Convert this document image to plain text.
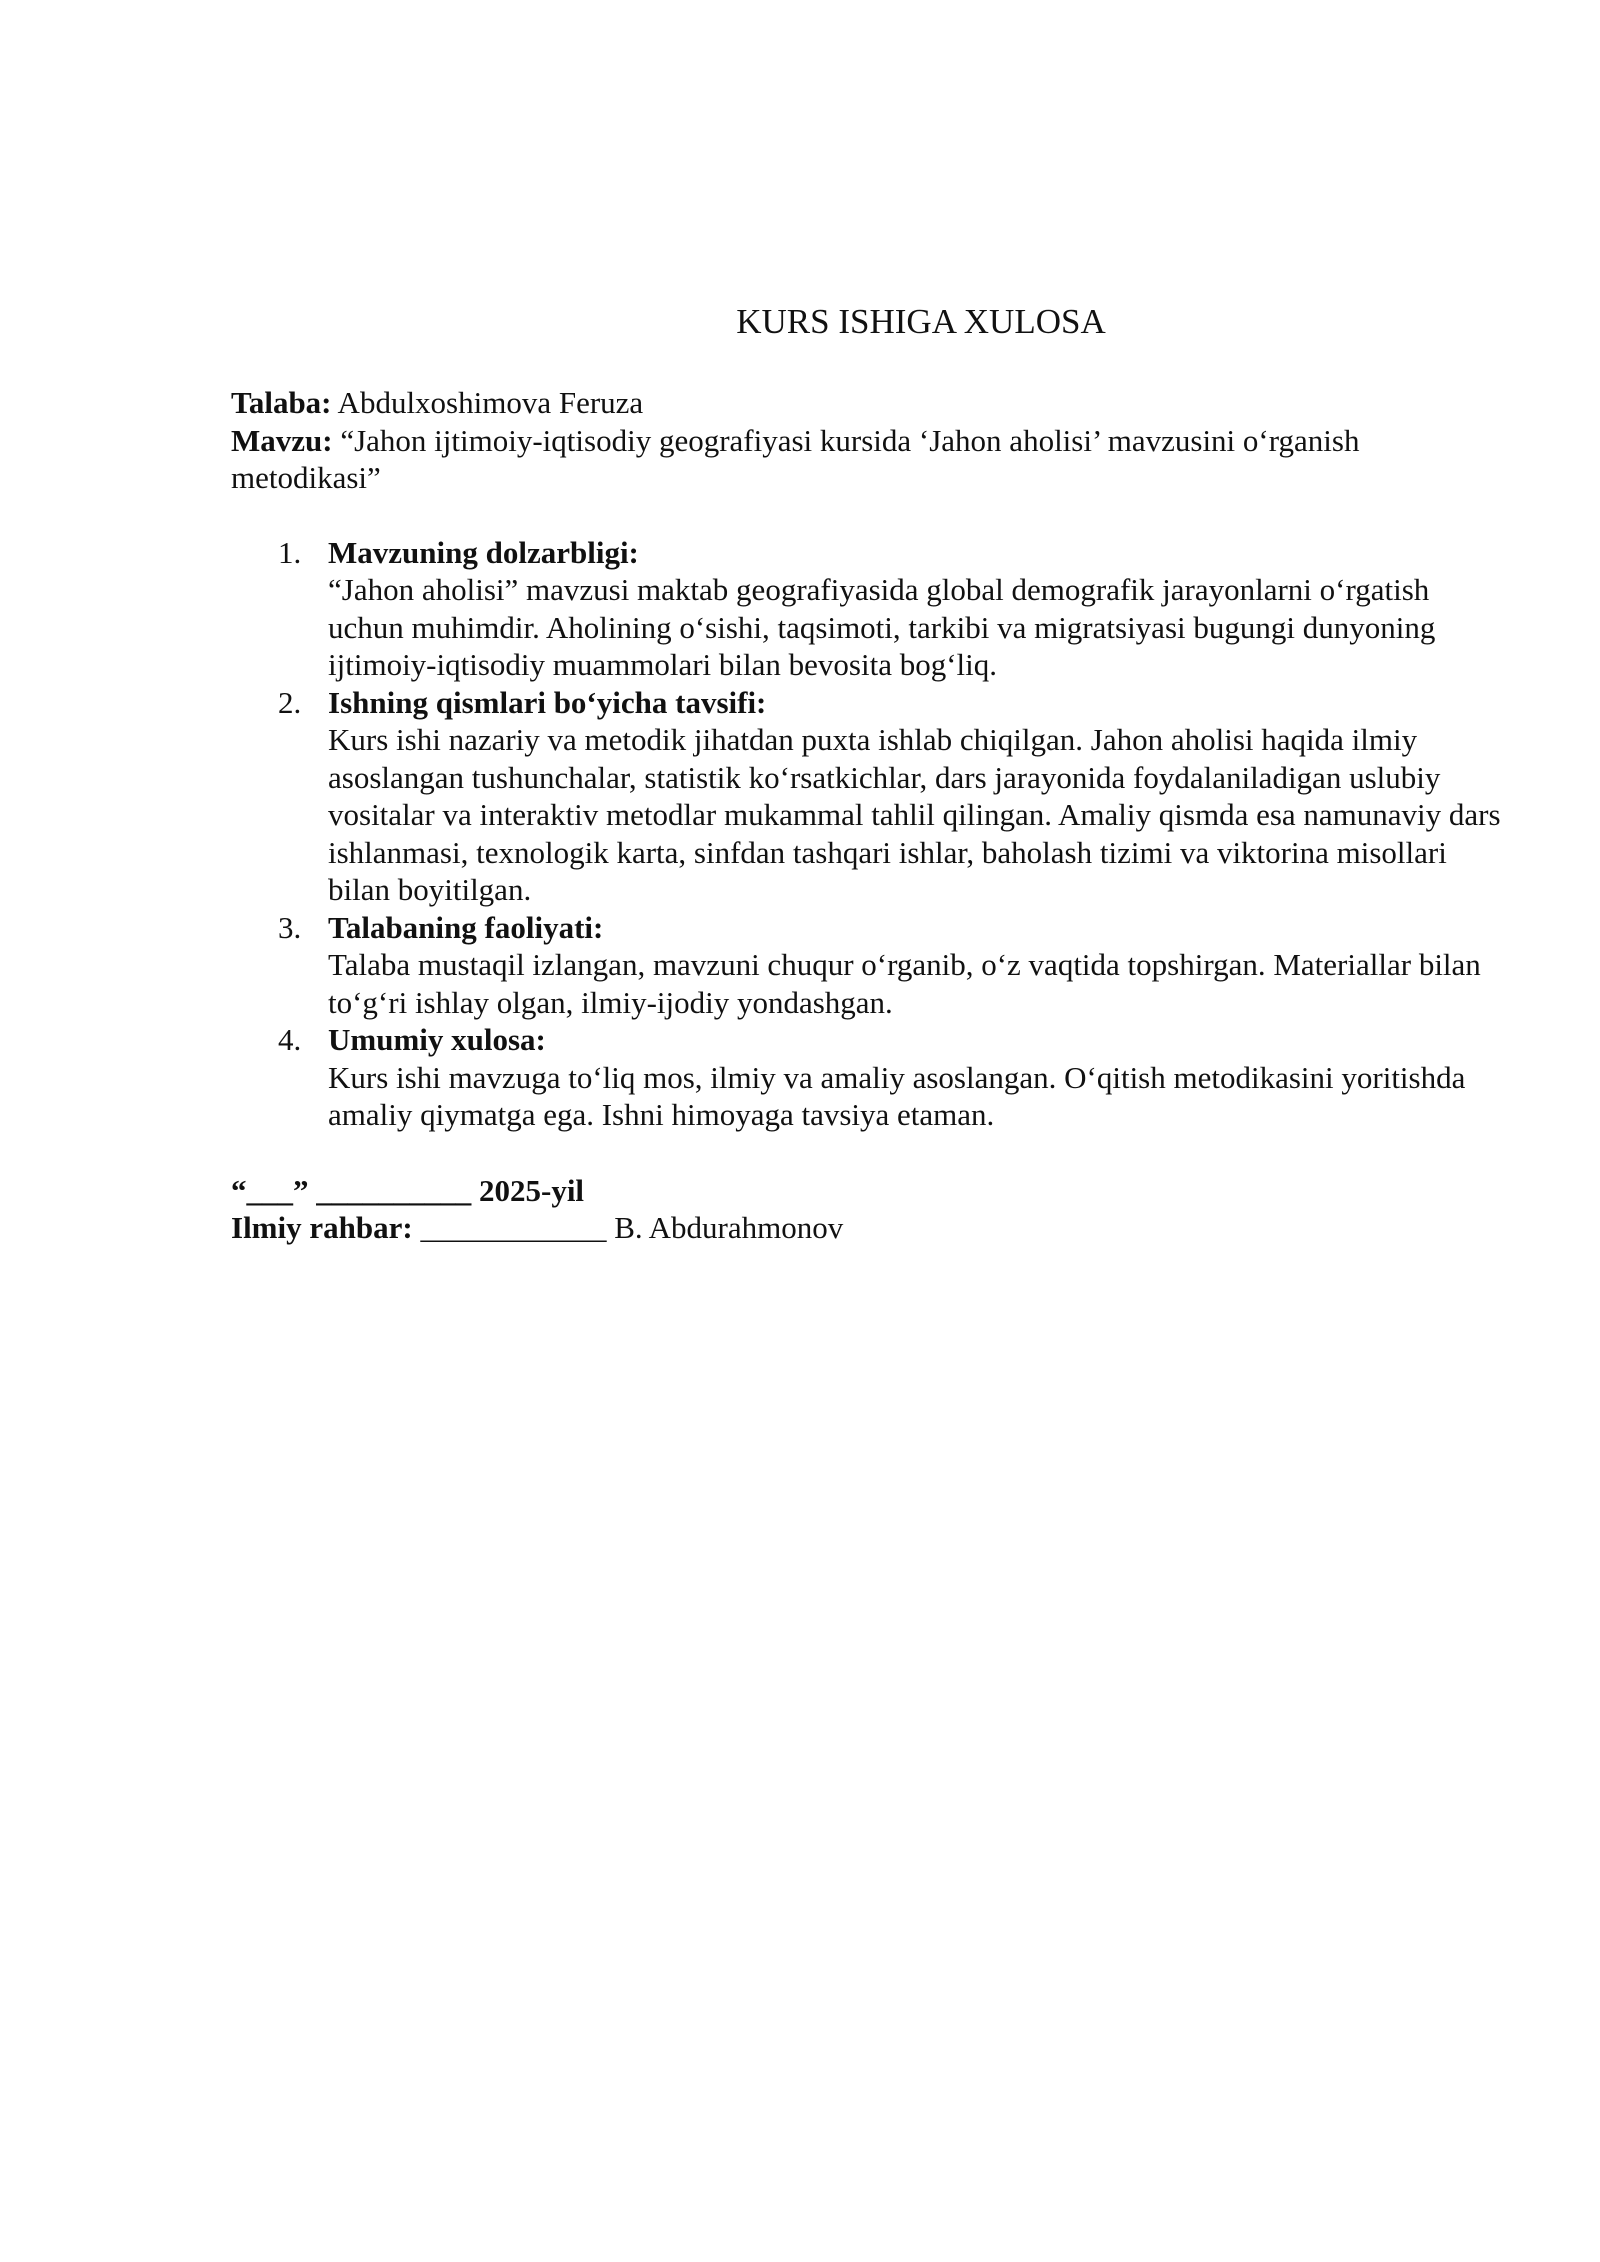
KURS ISHIGA XULOSA

Talaba: Abdulxoshimova Feruza

Mavzu: “Jahon ijtimoiy-iqtisodiy geografiyasi kursida ‘Jahon aholisi’ mavzusini o‘rganish metodikasi”

1. Mavzuning dolzarbligi:
“Jahon aholisi” mavzusi maktab geografiyasida global demografik jarayonlarni o‘rgatish uchun muhimdir. Aholining o‘sishi, taqsimoti, tarkibi va migratsiyasi bugungi dunyoning ijtimoiy-iqtisodiy muammolari bilan bevosita bog‘liq.
2. Ishning qismlari bo‘yicha tavsifi:
Kurs ishi nazariy va metodik jihatdan puxta ishlab chiqilgan. Jahon aholisi haqida ilmiy asoslangan tushunchalar, statistik ko‘rsatkichlar, dars jarayonida foydalaniladigan uslubiy vositalar va interaktiv metodlar mukammal tahlil qilingan. Amaliy qismda esa namunaviy dars ishlanmasi, texnologik karta, sinfdan tashqari ishlar, baholash tizimi va viktorina misollari bilan boyitilgan.
3. Talabaning faoliyati:
Talaba mustaqil izlangan, mavzuni chuqur o‘rganib, o‘z vaqtida topshirgan. Materiallar bilan to‘g‘ri ishlay olgan, ilmiy-ijodiy yondashgan.
4. Umumiy xulosa:
Kurs ishi mavzuga to‘liq mos, ilmiy va amaliy asoslangan. O‘qitish metodikasini yoritishda amaliy qiymatga ega. Ishni himoyaga tavsiya etaman.

“___” __________ 2025-yil

Ilmiy rahbar: ____________ B. Abdurahmonov
